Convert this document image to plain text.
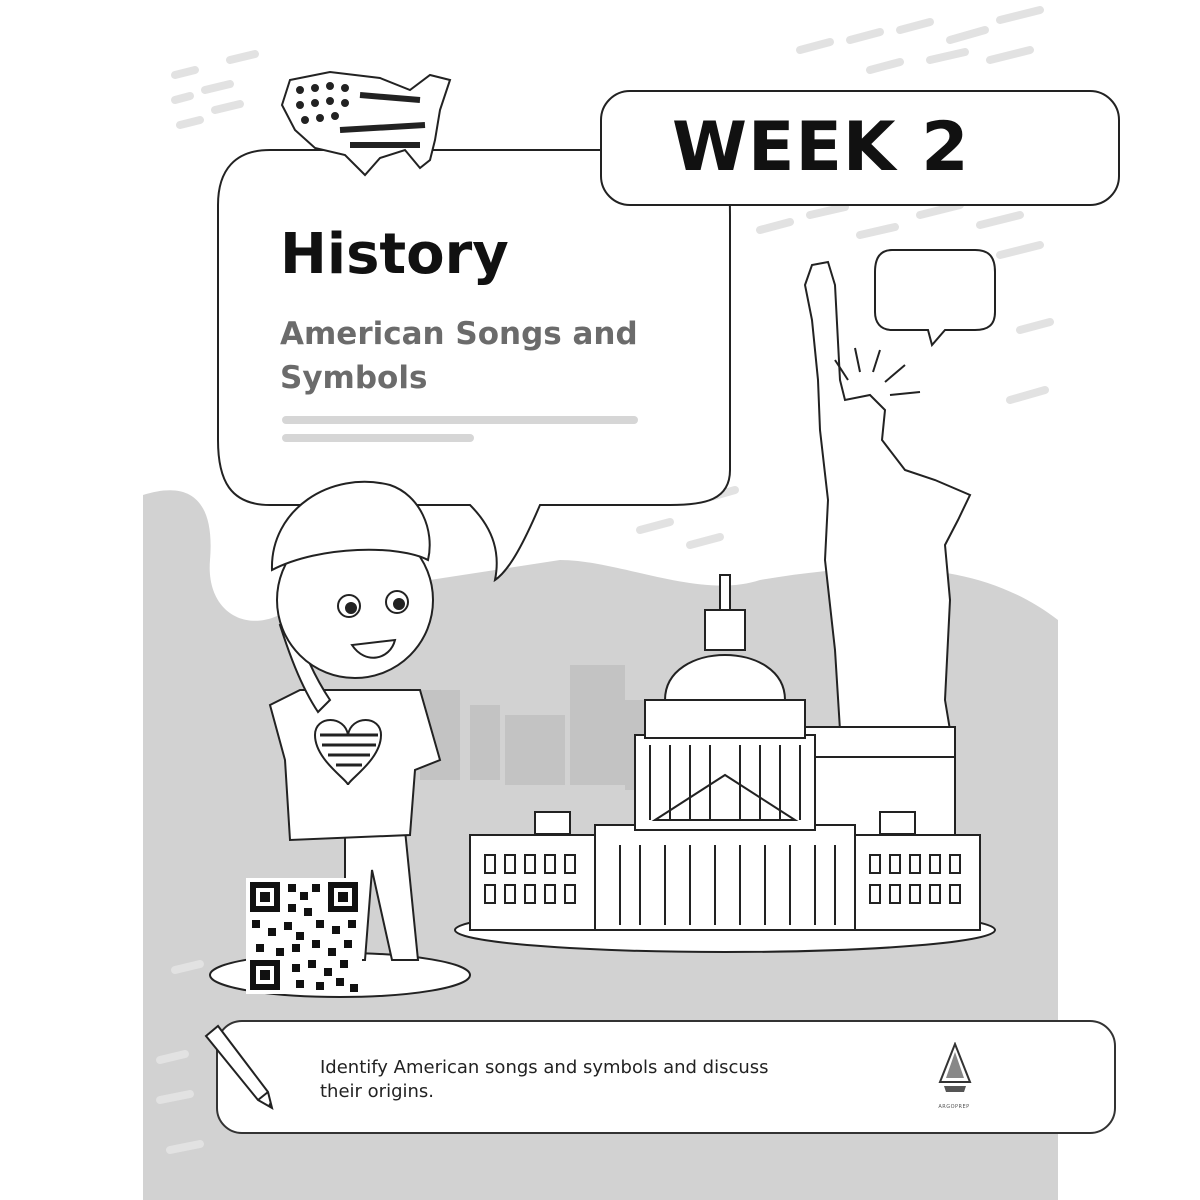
WEEK 2
History
American Songs and Symbols
Identify American songs and symbols and discuss their origins.
ARGOPREP
